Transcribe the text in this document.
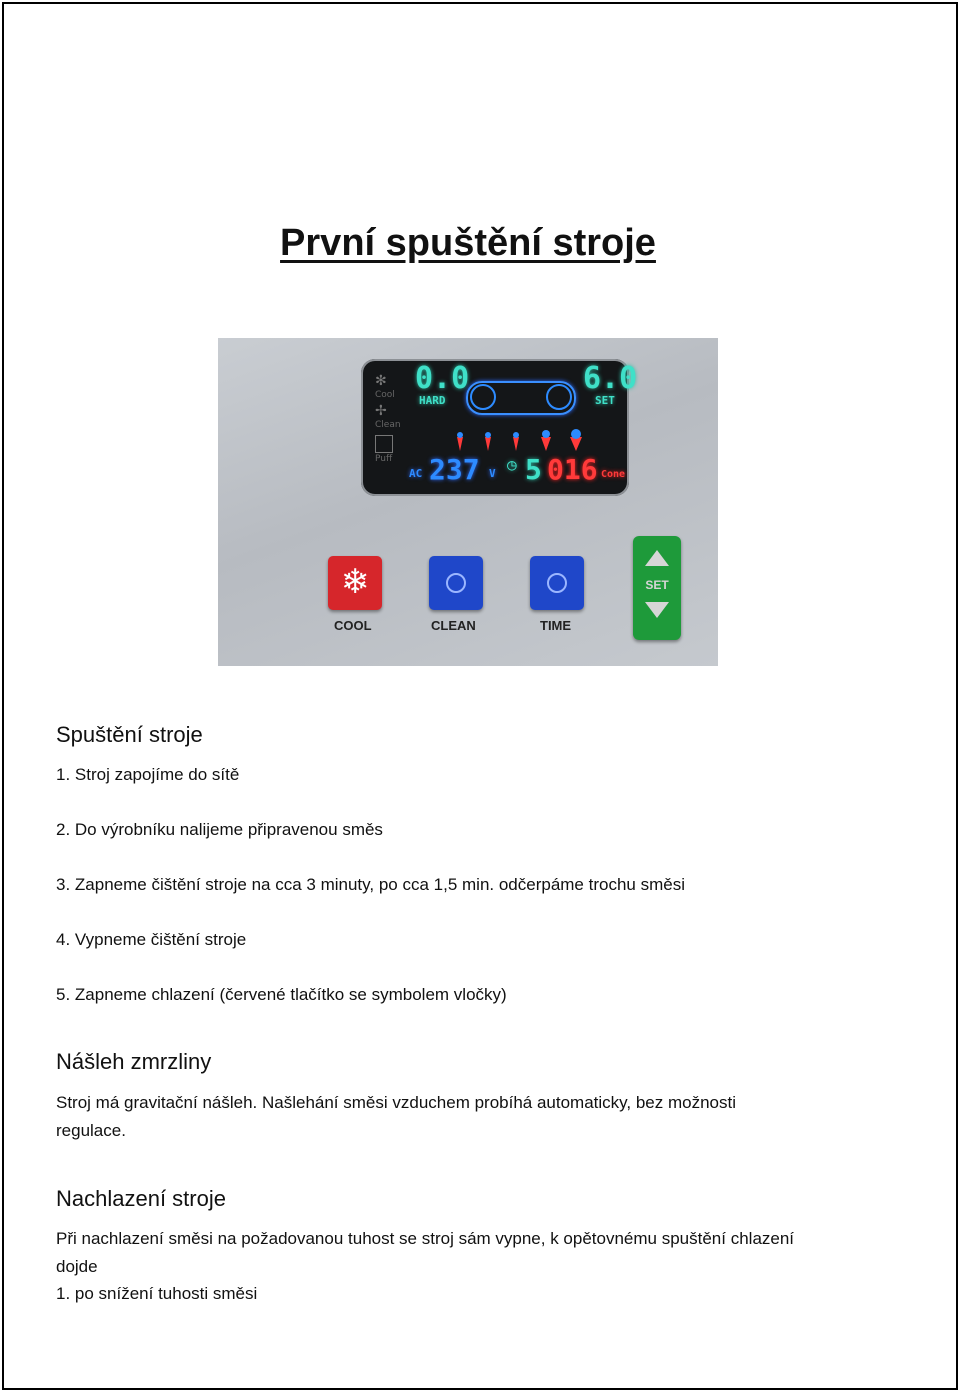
První spuštění stroje
✻
Cool
✢
Clean
Puff
0.0
HARD
6.0
SET
AC 237 V ◷ 5 016 Cone
❄
COOL	CLEAN	TIME
SET
Spuštění stroje
1. Stroj zapojíme do sítě
2. Do výrobníku nalijeme připravenou směs
3. Zapneme čištění stroje na cca 3 minuty, po cca 1,5 min. odčerpáme trochu směsi
4. Vypneme čištění stroje
5. Zapneme chlazení (červené tlačítko se symbolem vločky)
Nášleh zmrzliny
Stroj má gravitační nášleh. Našlehání směsi vzduchem probíhá automaticky, bez možnosti
regulace.
Nachlazení stroje
Při nachlazení směsi na požadovanou tuhost se stroj sám vypne, k opětovnému spuštění chlazení
dojde
1. po snížení tuhosti směsi
